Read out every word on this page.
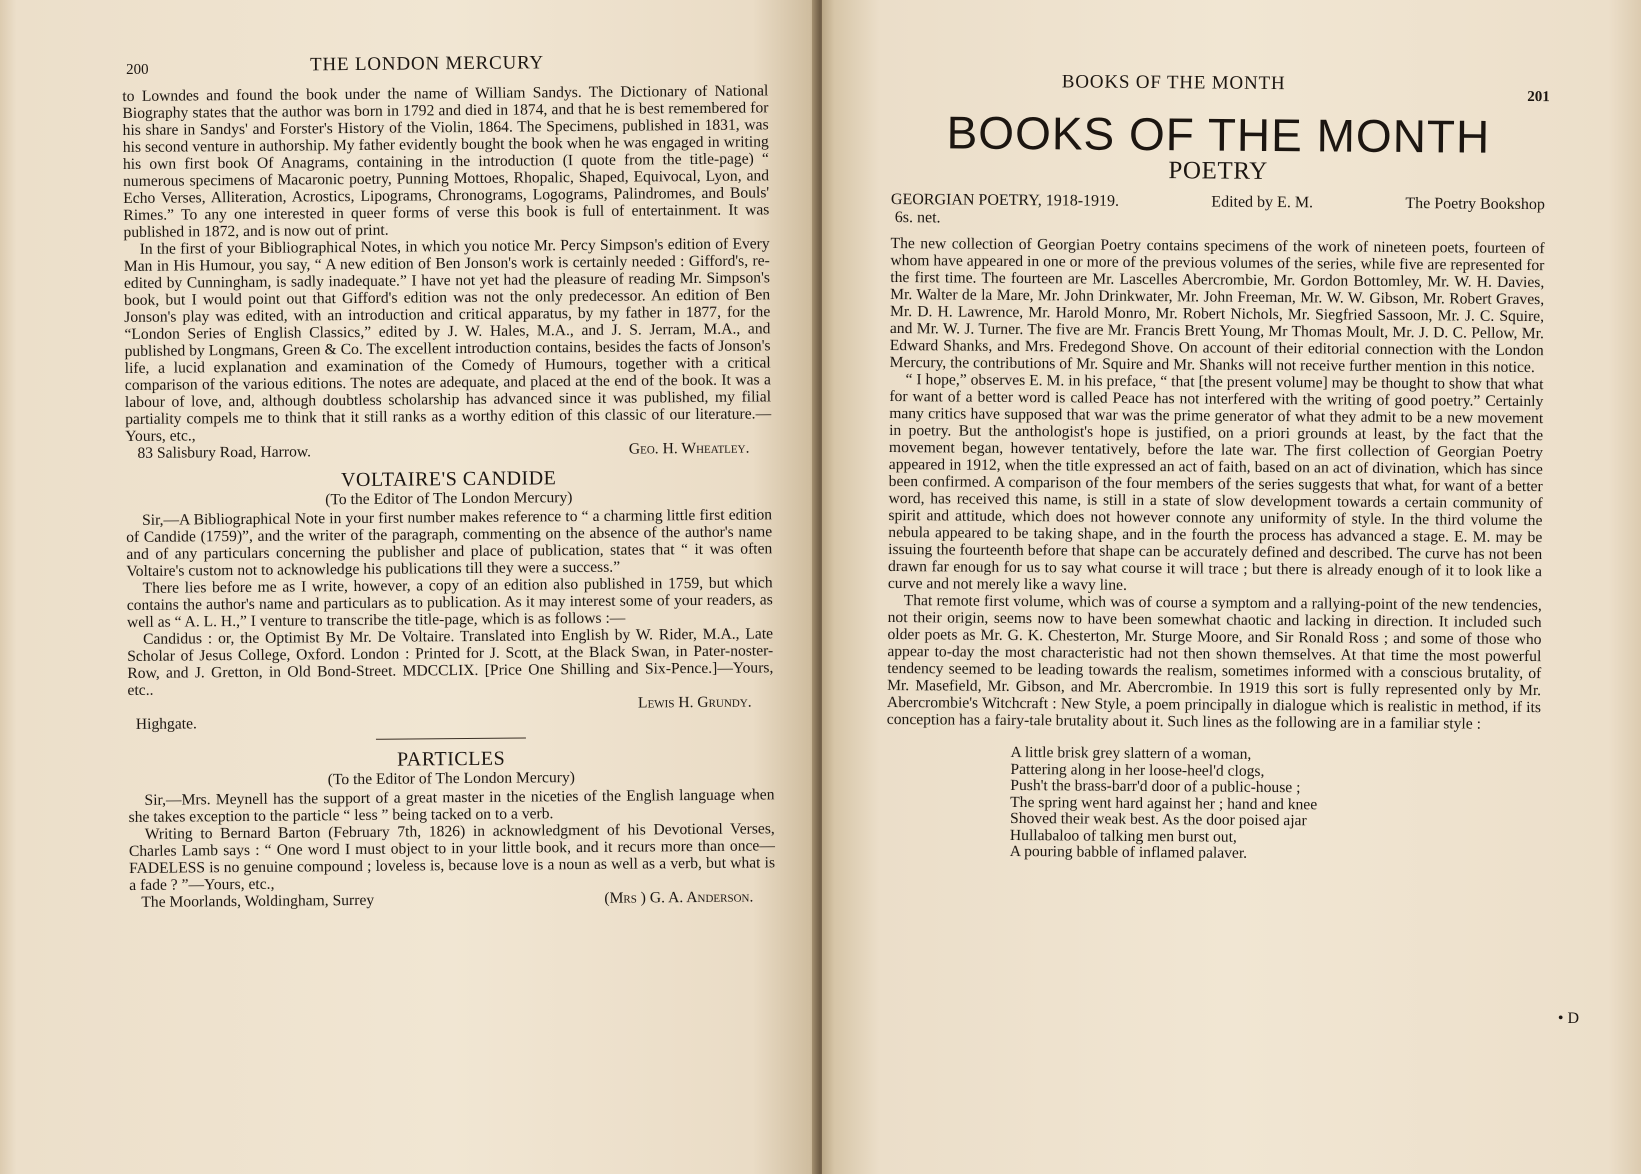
200	THE LONDON MERCURY

to Lowndes and found the book under the name of William Sandys. The Dictionary of National Biography states that the author was born in 1792 and died in 1874, and that he is best remembered for his share in Sandys' and Forster's History of the Violin, 1864. The Specimens, published in 1831, was his second venture in authorship. My father evidently bought the book when he was engaged in writing his own first book Of Anagrams, containing in the introduction (I quote from the title-page) “ numerous specimens of Macaronic poetry, Punning Mottoes, Rhopalic, Shaped, Equivocal, Lyon, and Echo Verses, Alliteration, Acrostics, Lipograms, Chronograms, Logograms, Palindromes, and Bouls' Rimes.” To any one interested in queer forms of verse this book is full of entertainment. It was published in 1872, and is now out of print.

In the first of your Bibliographical Notes, in which you notice Mr. Percy Simpson's edition of Every Man in His Humour, you say, “ A new edition of Ben Jonson's work is certainly needed : Gifford's, re-edited by Cunningham, is sadly inadequate.” I have not yet had the pleasure of reading Mr. Simpson's book, but I would point out that Gifford's edition was not the only predecessor. An edition of Ben Jonson's play was edited, with an introduction and critical apparatus, by my father in 1877, for the “London Series of English Classics,” edited by J. W. Hales, M.A., and J. S. Jerram, M.A., and published by Longmans, Green & Co. The excellent introduction contains, besides the facts of Jonson's life, a lucid explanation and examination of the Comedy of Humours, together with a critical comparison of the various editions. The notes are adequate, and placed at the end of the book. It was a labour of love, and, although doubtless scholarship has advanced since it was published, my filial partiality compels me to think that it still ranks as a worthy edition of this classic of our literature.—Yours, etc.,

83 Salisbury Road, Harrow.	Geo. H. Wheatley.
VOLTAIRE'S CANDIDE
(To the Editor of The London Mercury)

Sir,—A Bibliographical Note in your first number makes reference to “ a charming little first edition of Candide (1759)”, and the writer of the paragraph, commenting on the absence of the author's name and of any particulars concerning the publisher and place of publication, states that “ it was often Voltaire's custom not to acknowledge his publications till they were a success.”

There lies before me as I write, however, a copy of an edition also published in 1759, but which contains the author's name and particulars as to publication. As it may interest some of your readers, as well as “ A. L. H.,” I venture to transcribe the title-page, which is as follows :—

Candidus : or, the Optimist By Mr. De Voltaire. Translated into English by W. Rider, M.A., Late Scholar of Jesus College, Oxford. London : Printed for J. Scott, at the Black Swan, in Pater-noster-Row, and J. Gretton, in Old Bond-Street. MDCCLIX. [Price One Shilling and Six-Pence.]—Yours, etc..

Lewis H. Grundy.
Highgate.
PARTICLES
(To the Editor of The London Mercury)

Sir,—Mrs. Meynell has the support of a great master in the niceties of the English language when she takes exception to the particle “ less ” being tacked on to a verb.

Writing to Bernard Barton (February 7th, 1826) in acknowledgment of his Devotional Verses, Charles Lamb says : “ One word I must object to in your little book, and it recurs more than once—FADELESS is no genuine compound ; loveless is, because love is a noun as well as a verb, but what is a fade ? ”—Yours, etc.,

The Moorlands, Woldingham, Surrey	(Mrs ) G. A. Anderson.
BOOKS OF THE MONTH
201
BOOKS OF THE MONTH
POETRY
GEORGIAN POETRY, 1918-1919.	Edited by E. M.	The Poetry Bookshop
6s. net.

The new collection of Georgian Poetry contains specimens of the work of nineteen poets, fourteen of whom have appeared in one or more of the previous volumes of the series, while five are represented for the first time. The fourteen are Mr. Lascelles Abercrombie, Mr. Gordon Bottomley, Mr. W. H. Davies, Mr. Walter de la Mare, Mr. John Drinkwater, Mr. John Freeman, Mr. W. W. Gibson, Mr. Robert Graves, Mr. D. H. Lawrence, Mr. Harold Monro, Mr. Robert Nichols, Mr. Siegfried Sassoon, Mr. J. C. Squire, and Mr. W. J. Turner. The five are Mr. Francis Brett Young, Mr Thomas Moult, Mr. J. D. C. Pellow, Mr. Edward Shanks, and Mrs. Fredegond Shove. On account of their editorial connection with the London Mercury, the contributions of Mr. Squire and Mr. Shanks will not receive further mention in this notice.

“ I hope,” observes E. M. in his preface, “ that [the present volume] may be thought to show that what for want of a better word is called Peace has not interfered with the writing of good poetry.” Certainly many critics have supposed that war was the prime generator of what they admit to be a new movement in poetry. But the anthologist's hope is justified, on a priori grounds at least, by the fact that the movement began, however tentatively, before the late war. The first collection of Georgian Poetry appeared in 1912, when the title expressed an act of faith, based on an act of divination, which has since been confirmed. A comparison of the four members of the series suggests that what, for want of a better word, has received this name, is still in a state of slow development towards a certain community of spirit and attitude, which does not however connote any uniformity of style. In the third volume the nebula appeared to be taking shape, and in the fourth the process has advanced a stage. E. M. may be issuing the fourteenth before that shape can be accurately defined and described. The curve has not been drawn far enough for us to say what course it will trace ; but there is already enough of it to look like a curve and not merely like a wavy line.

That remote first volume, which was of course a symptom and a rallying-point of the new tendencies, not their origin, seems now to have been somewhat chaotic and lacking in direction. It included such older poets as Mr. G. K. Chesterton, Mr. Sturge Moore, and Sir Ronald Ross ; and some of those who appear to-day the most characteristic had not then shown themselves. At that time the most powerful tendency seemed to be leading towards the realism, sometimes informed with a conscious brutality, of Mr. Masefield, Mr. Gibson, and Mr. Abercrombie. In 1919 this sort is fully represented only by Mr. Abercrombie's Witchcraft : New Style, a poem principally in dialogue which is realistic in method, if its conception has a fairy-tale brutality about it. Such lines as the following are in a familiar style :

A little brisk grey slattern of a woman,
Pattering along in her loose-heel'd clogs,
Push't the brass-barr'd door of a public-house ;
The spring went hard against her ; hand and knee
Shoved their weak best. As the door poised ajar
Hullabaloo of talking men burst out,
A pouring babble of inflamed palaver.
• D
